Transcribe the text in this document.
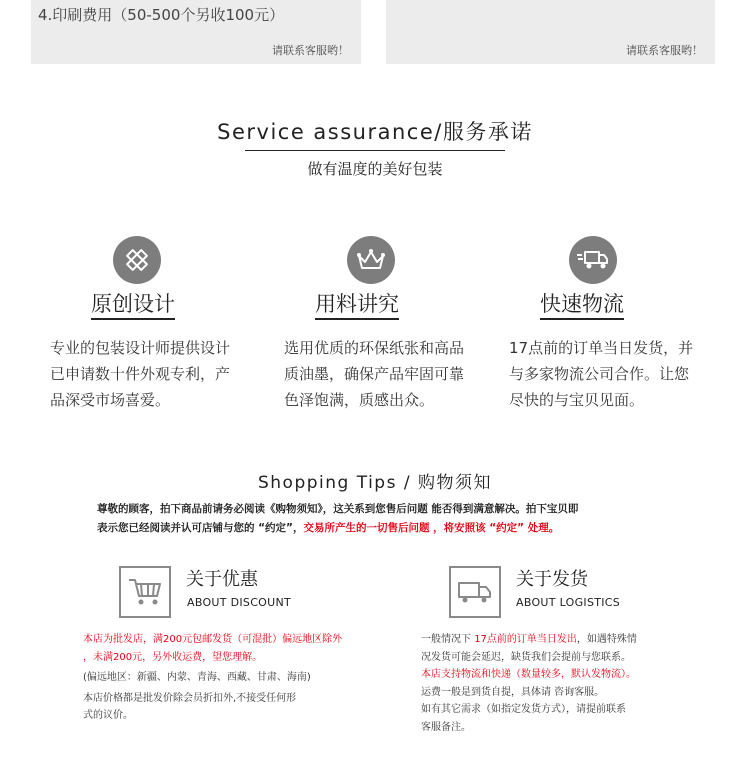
4.印刷费用（50-500个另收100元）
请联系客服哟！	请联系客服哟！
Service assurance/服务承诺
做有温度的美好包装
原创设计
专业的包装设计师提供设计
已申请数十件外观专利，产
品深受市场喜爱。
用料讲究
选用优质的环保纸张和高品
质油墨，确保产品牢固可靠
色泽饱满，质感出众。
快速物流
17点前的订单当日发货，并
与多家物流公司合作。让您
尽快的与宝贝见面。
Shopping Tips / 购物须知
尊敬的顾客，拍下商品前请务必阅读《购物须知》，这关系到您售后问题 能否得到满意解决。拍下宝贝即
表示您已经阅读并认可店铺与您的 “约定”，交易所产生的一切售后问题 ，将安照该 “约定” 处理。
关于优惠
ABOUT DISCOUNT
本店为批发店，满200元包邮发货（可混批）偏远地区除外
，未满200元，另外收运费，望您理解。
(偏远地区：新疆、内蒙、青海、西藏、甘肃、海南)
本店价格都是批发价除会员折扣外,不接受任何形
式的议价。
关于发货
ABOUT LOGISTICS
一般情况下 17点前的订单当日发出，如遇特殊情
况发货可能会延迟，缺货我们会提前与您联系。
本店支持物流和快递（数量较多，默认发物流）。
运费一般是到货自提，具体请 咨询客服。
如有其它需求（如指定发货方式），请提前联系
客服备注。
